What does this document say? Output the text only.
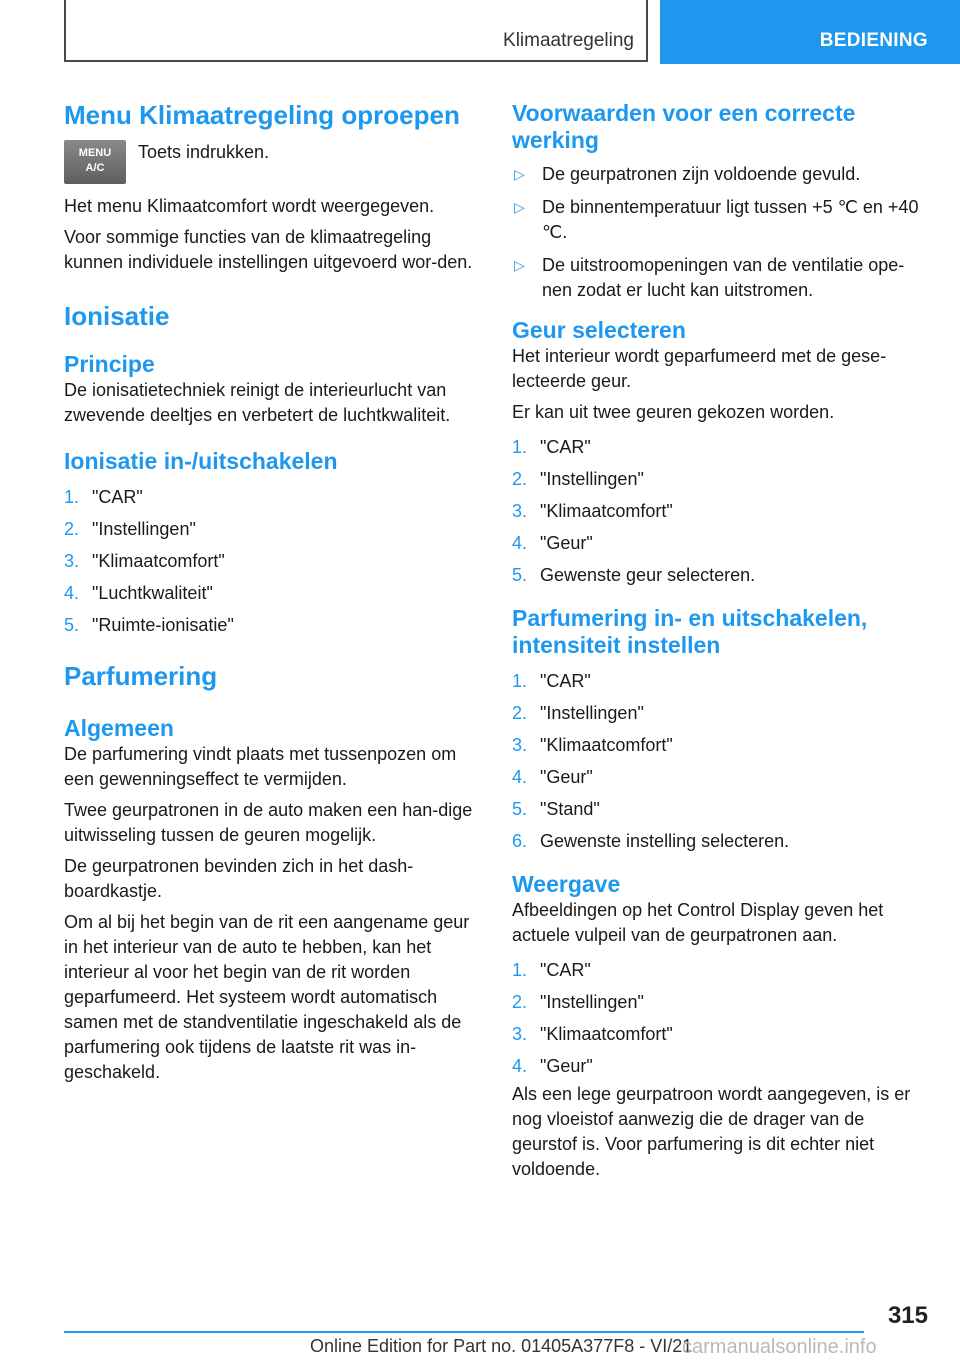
Klimaatregeling	BEDIENING
Menu Klimaatregeling oproepen
MENU
A/C

Toets indrukken.

Het menu Klimaatcomfort wordt weergegeven.

Voor sommige functies van de klimaatregeling kunnen individuele instellingen uitgevoerd wor-den.

Ionisatie
Principe

De ionisatietechniek reinigt de interieurlucht van zwevende deeltjes en verbetert de luchtkwaliteit.

Ionisatie in-/uitschakelen
1. "CAR"
2. "Instellingen"
3. "Klimaatcomfort"
4. "Luchtkwaliteit"
5. "Ruimte-ionisatie"
Parfumering
Algemeen

De parfumering vindt plaats met tussenpozen om een gewenningseffect te vermijden.

Twee geurpatronen in de auto maken een han-dige uitwisseling tussen de geuren mogelijk.

De geurpatronen bevinden zich in het dash-boardkastje.

Om al bij het begin van de rit een aangename geur in het interieur van de auto te hebben, kan het interieur al voor het begin van de rit worden geparfumeerd. Het systeem wordt automatisch samen met de standventilatie ingeschakeld als de parfumering ook tijdens de laatste rit was in-geschakeld.

Voorwaarden voor een correcte werking
▷ De geurpatronen zijn voldoende gevuld.
▷ De binnentemperatuur ligt tussen +5 ℃ en +40 ℃.
▷ De uitstroomopeningen van de ventilatie ope-nen zodat er lucht kan uitstromen.
Geur selecteren

Het interieur wordt geparfumeerd met de gese-lecteerde geur.

Er kan uit twee geuren gekozen worden.

1. "CAR"
2. "Instellingen"
3. "Klimaatcomfort"
4. "Geur"
5. Gewenste geur selecteren.
Parfumering in- en uitschakelen, intensiteit instellen
1. "CAR"
2. "Instellingen"
3. "Klimaatcomfort"
4. "Geur"
5. "Stand"
6. Gewenste instelling selecteren.
Weergave

Afbeeldingen op het Control Display geven het actuele vulpeil van de geurpatronen aan.

1. "CAR"
2. "Instellingen"
3. "Klimaatcomfort"
4. "Geur"

Als een lege geurpatroon wordt aangegeven, is er nog vloeistof aanwezig die de drager van de geurstof is. Voor parfumering is dit echter niet voldoende.

315
Online Edition for Part no. 01405A377F8 - VI/21
carmanualsonline.info
